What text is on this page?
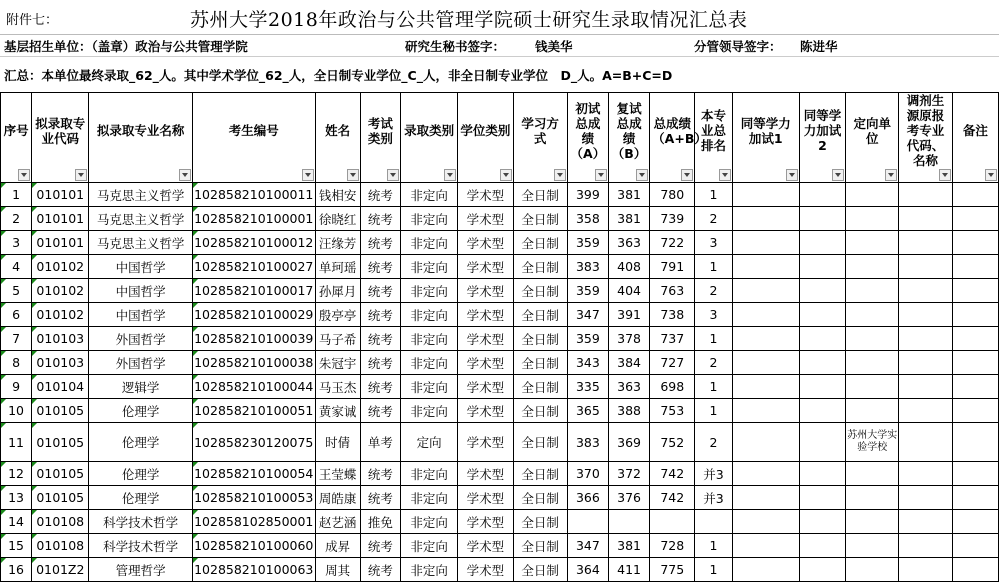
附件七：	苏州大学2018年政治与公共管理学院硕士研究生录取情况汇总表
基层招生单位：（盖章）政治与公共管理学院	研究生秘书签字： 钱美华	分管领导签字： 陈进华
汇总：本单位最终录取_62_人。其中学术学位_62_人，全日制专业学位_C_人，非全日制专业学位　D_人。A=B+C=D
序号	拟录取专业代码	拟录取专业名称	考生编号	姓名	考试类别	录取类别	学位类别	学习方式	初试总成绩（A）	复试总成绩（B）	总成绩（A+B）	本专业总排名	同等学力加试1	同等学力加试2	定向单位	调剂生源原报考专业代码、名称	备注

1	010101	马克思主义哲学	102858210100011	钱相安	统考	非定向	学术型	全日制	399	381	780	1					
2	010101	马克思主义哲学	102858210100001	徐晓红	统考	非定向	学术型	全日制	358	381	739	2					
3	010101	马克思主义哲学	102858210100012	汪缘芳	统考	非定向	学术型	全日制	359	363	722	3					
4	010102	中国哲学	102858210100027	单珂瑶	统考	非定向	学术型	全日制	383	408	791	1					
5	010102	中国哲学	102858210100017	孙犀月	统考	非定向	学术型	全日制	359	404	763	2					
6	010102	中国哲学	102858210100029	殷亭亭	统考	非定向	学术型	全日制	347	391	738	3					
7	010103	外国哲学	102858210100039	马子希	统考	非定向	学术型	全日制	359	378	737	1					
8	010103	外国哲学	102858210100038	朱冠宇	统考	非定向	学术型	全日制	343	384	727	2					
9	010104	逻辑学	102858210100044	马玉杰	统考	非定向	学术型	全日制	335	363	698	1					
10	010105	伦理学	102858210100051	黄家诚	统考	非定向	学术型	全日制	365	388	753	1					
11	010105	伦理学	102858230120075	时倩	单考	定向	学术型	全日制	383	369	752	2			苏州大学实验学校		
12	010105	伦理学	102858210100054	王莹蝶	统考	非定向	学术型	全日制	370	372	742	并3					
13	010105	伦理学	102858210100053	周皓康	统考	非定向	学术型	全日制	366	376	742	并3					
14	010108	科学技术哲学	102858102850001	赵艺涵	推免	非定向	学术型	全日制									
15	010108	科学技术哲学	102858210100060	成昇	统考	非定向	学术型	全日制	347	381	728	1					
16	0101Z2	管理哲学	102858210100063	周其	统考	非定向	学术型	全日制	364	411	775	1					
